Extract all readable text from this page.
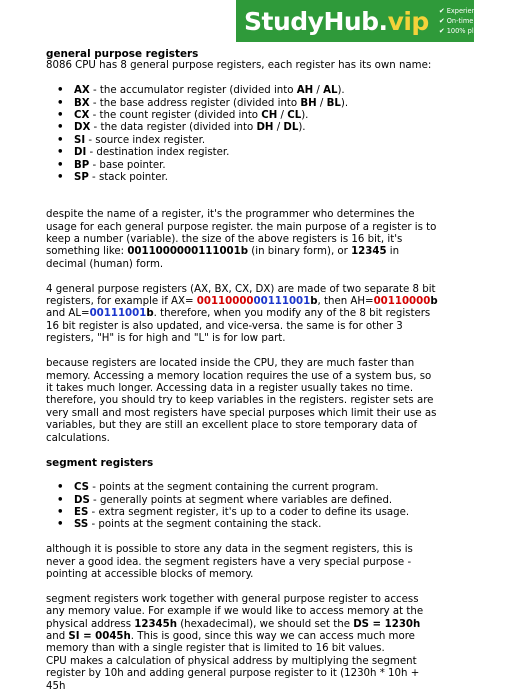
StudyHub.vip ✔ Experienced writers
✔ On-time delivery
✔ 100% plagiarism free
general purpose registers

8086 CPU has 8 general purpose registers, each register has its own name:

• AX - the accumulator register (divided into AH / AL).
• BX - the base address register (divided into BH / BL).
• CX - the count register (divided into CH / CL).
• DX - the data register (divided into DH / DL).
• SI - source index register.
• DI - destination index register.
• BP - base pointer.
• SP - stack pointer.

despite the name of a register, it's the programmer who determines the usage for each general purpose register. the main purpose of a register is to keep a number (variable). the size of the above registers is 16 bit, it's something like: 0011000000111001b (in binary form), or 12345 in decimal (human) form.

4 general purpose registers (AX, BX, CX, DX) are made of two separate 8 bit registers, for example if AX= 0011000000111001b, then AH=00110000b and AL=00111001b. therefore, when you modify any of the 8 bit registers 16 bit register is also updated, and vice-versa. the same is for other 3 registers, "H" is for high and "L" is for low part.

because registers are located inside the CPU, they are much faster than memory. Accessing a memory location requires the use of a system bus, so it takes much longer. Accessing data in a register usually takes no time. therefore, you should try to keep variables in the registers. register sets are very small and most registers have special purposes which limit their use as variables, but they are still an excellent place to store temporary data of calculations.

segment registers
• CS - points at the segment containing the current program.
• DS - generally points at segment where variables are defined.
• ES - extra segment register, it's up to a coder to define its usage.
• SS - points at the segment containing the stack.

although it is possible to store any data in the segment registers, this is never a good idea. the segment registers have a very special purpose - pointing at accessible blocks of memory.

segment registers work together with general purpose register to access any memory value. For example if we would like to access memory at the physical address 12345h (hexadecimal), we should set the DS = 1230h and SI = 0045h. This is good, since this way we can access much more memory than with a single register that is limited to 16 bit values.

CPU makes a calculation of physical address by multiplying the segment register by 10h and adding general purpose register to it (1230h * 10h + 45h
